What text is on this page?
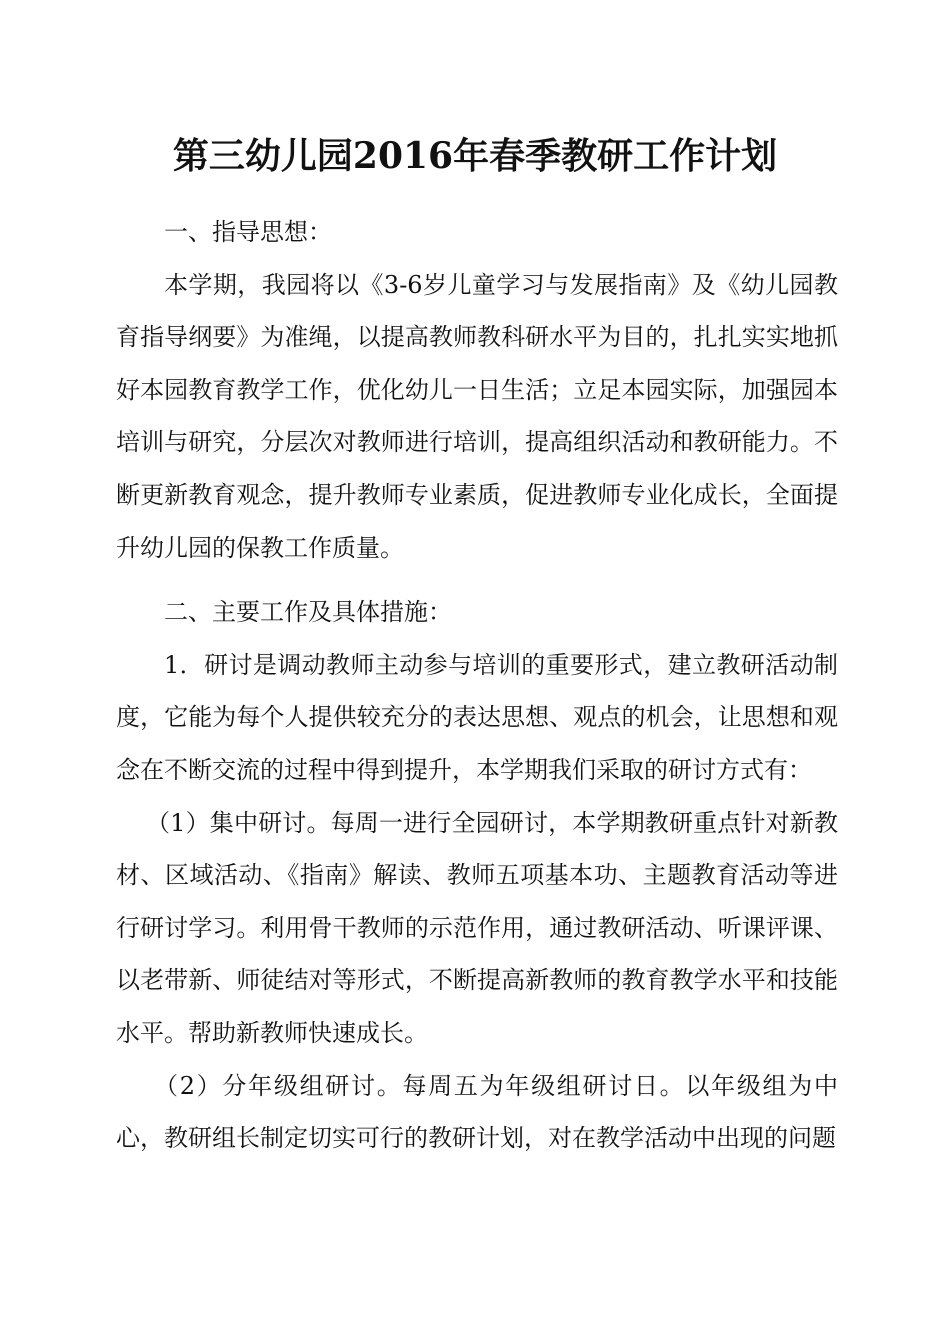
第三幼儿园2016年春季教研工作计划

一、指导思想：

本学期，我园将以《3-6岁儿童学习与发展指南》及《幼儿园教育指导纲要》为准绳，以提高教师教科研水平为目的，扎扎实实地抓好本园教育教学工作，优化幼儿一日生活；立足本园实际，加强园本培训与研究，分层次对教师进行培训，提高组织活动和教研能力。不断更新教育观念，提升教师专业素质，促进教师专业化成长，全面提升幼儿园的保教工作质量。

二、主要工作及具体措施：

1．研讨是调动教师主动参与培训的重要形式，建立教研活动制度，它能为每个人提供较充分的表达思想、观点的机会，让思想和观念在不断交流的过程中得到提升，本学期我们采取的研讨方式有：

（1）集中研讨。每周一进行全园研讨，本学期教研重点针对新教材、区域活动、《指南》解读、教师五项基本功、主题教育活动等进行研讨学习。利用骨干教师的示范作用，通过教研活动、听课评课、以老带新、师徒结对等形式，不断提高新教师的教育教学水平和技能水平。帮助新教师快速成长。

（2）分年级组研讨。每周五为年级组研讨日。以年级组为中心，教研组长制定切实可行的教研计划，对在教学活动中出现的问题
